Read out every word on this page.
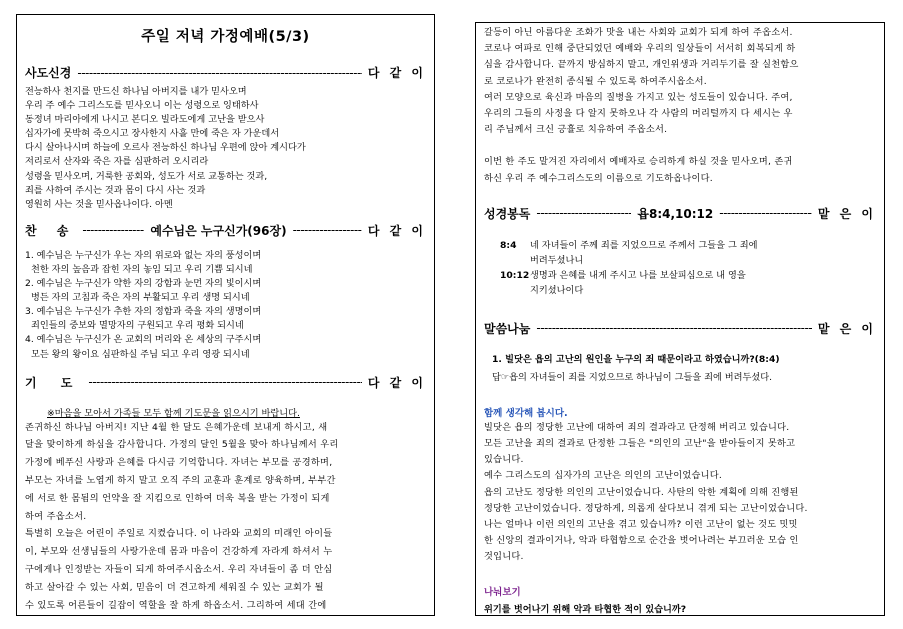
주일 저녁 가정예배(5/3)
사도신경 -----	다 같 이
전능하사 천지를 만드신 하나님 아버지를 내가 믿사오며
우리 주 예수 그리스도를 믿사오니 이는 성령으로 잉태하사
동정녀 마리아에게 나시고 본디오 빌라도에게 고난을 받으사
십자가에 못박혀 죽으시고 장사한지 사흘 만에 죽은 자 가운데서
다시 살아나시며 하늘에 오르사 전능하신 하나님 우편에 앉아 계시다가
저리로서 산자와 죽은 자를 심판하러 오시리라
성령을 믿사오며, 거룩한 공회와, 성도가 서로 교통하는 것과,
죄를 사하여 주시는 것과 몸이 다시 사는 것과
영원히 사는 것을 믿사옵나이다. 아멘
찬 송 -----	예수님은 누구신가(96장) -----	다 같 이
1. 예수님은 누구신가 우는 자의 위로와 없는 자의 풍성이며
천한 자의 높음과 잡힌 자의 놓임 되고 우리 기쁨 되시네
2. 예수님은 누구신가 약한 자의 강함과 눈먼 자의 빛이시며
병든 자의 고침과 죽은 자의 부활되고 우리 생명 되시네
3. 예수님은 누구신가 추한 자의 정함과 죽을 자의 생명이며
죄인들의 중보와 멸망자의 구원되고 우리 평화 되시네
4. 예수님은 누구신가 온 교회의 머리와 온 세상의 구주시며
모든 왕의 왕이요 심판하실 주님 되고 우리 영광 되시네
기 도 -----	다 같 이
※마음을 모아서 가족들 모두 함께 기도문을 읽으시기 바랍니다.
존귀하신 하나님 아버지! 지난 4월 한 달도 은혜가운데 보내게 하시고, 새
달을 맞이하게 하심을 감사합니다. 가정의 달인 5월을 맞아 하나님께서 우리
가정에 베푸신 사랑과 은혜를 다시금 기억합니다. 자녀는 부모를 공경하며,
부모는 자녀를 노엽게 하지 말고 오직 주의 교훈과 훈계로 양육하며, 부부간
에 서로 한 몸됨의 언약을 잘 지킴으로 인하여 더욱 복을 받는 가정이 되게
하여 주옵소서.
특별히 오늘은 어린이 주일로 지켰습니다. 이 나라와 교회의 미래인 아이들
이, 부모와 선생님들의 사랑가운데 몸과 마음이 건강하게 자라게 하셔서 누
구에게나 인정받는 자들이 되게 하여주시옵소서. 우리 자녀들이 좀 더 안심
하고 살아갈 수 있는 사회, 믿음이 더 견고하게 세워질 수 있는 교회가 될
수 있도록 어른들이 길잡이 역할을 잘 하게 하옵소서. 그리하여 세대 간에
갈등이 아닌 아름다운 조화가 맛을 내는 사회와 교회가 되게 하여 주옵소서.
코로나 여파로 인해 중단되었던 예배와 우리의 일상들이 서서히 회복되게 하
심을 감사합니다. 끝까지 방심하지 말고, 개인위생과 거리두기를 잘 실천함으
로 코로나가 완전히 종식될 수 있도록 하여주시옵소서.
여러 모양으로 육신과 마음의 질병을 가지고 있는 성도들이 있습니다. 주여,
우리의 그들의 사정을 다 알지 못하오나 각 사람의 머리털까지 다 세시는 우
리 주님께서 크신 긍휼로 치유하여 주옵소서.
이번 한 주도 말겨진 자리에서 예배자로 승리하게 하실 것을 믿사오며, 존귀
하신 우리 주 예수그리스도의 이름으로 기도하옵나이다.
성경봉독 -----	욥8:4,10:12 -----	맡 은 이
8:4	네 자녀들이 주께 죄를 지었으므로 주께서 그들을 그 죄에
버려두셨나니
10:12 생명과 은혜를 내게 주시고 나를 보살피심으로 내 영을
지키셨나이다
말씀나눔 -----	맡 은 이
1. 빌닷은 욥의 고난의 원인을 누구의 죄 때문이라고 하였습니까?(8:4)
답☞욥의 자녀들이 죄를 지었으므로 하나님이 그들을 죄에 버려두셨다.
함께 생각해 봅시다.
빌닷은 욥의 정당한 고난에 대하여 죄의 결과라고 단정해 버리고 있습니다.
모든 고난을 죄의 결과로 단정한 그들은 "의인의 고난"을 받아들이지 못하고
있습니다.
예수 그리스도의 십자가의 고난은 의인의 고난이었습니다.
욥의 고난도 정당한 의인의 고난이었습니다. 사탄의 악한 계획에 의해 진행된
정당한 고난이었습니다. 정당하게, 의롭게 살다보니 겪게 되는 고난이었습니다.
나는 얼마나 이런 의인의 고난을 겪고 있습니까? 이런 고난이 없는 것도 밋밋
한 신앙의 결과이거나, 악과 타협함으로 순간을 벗어나려는 부끄러운 모습 인
것입니다.
나눠보기
위기를 벗어나기 위해 악과 타협한 적이 있습니까?
